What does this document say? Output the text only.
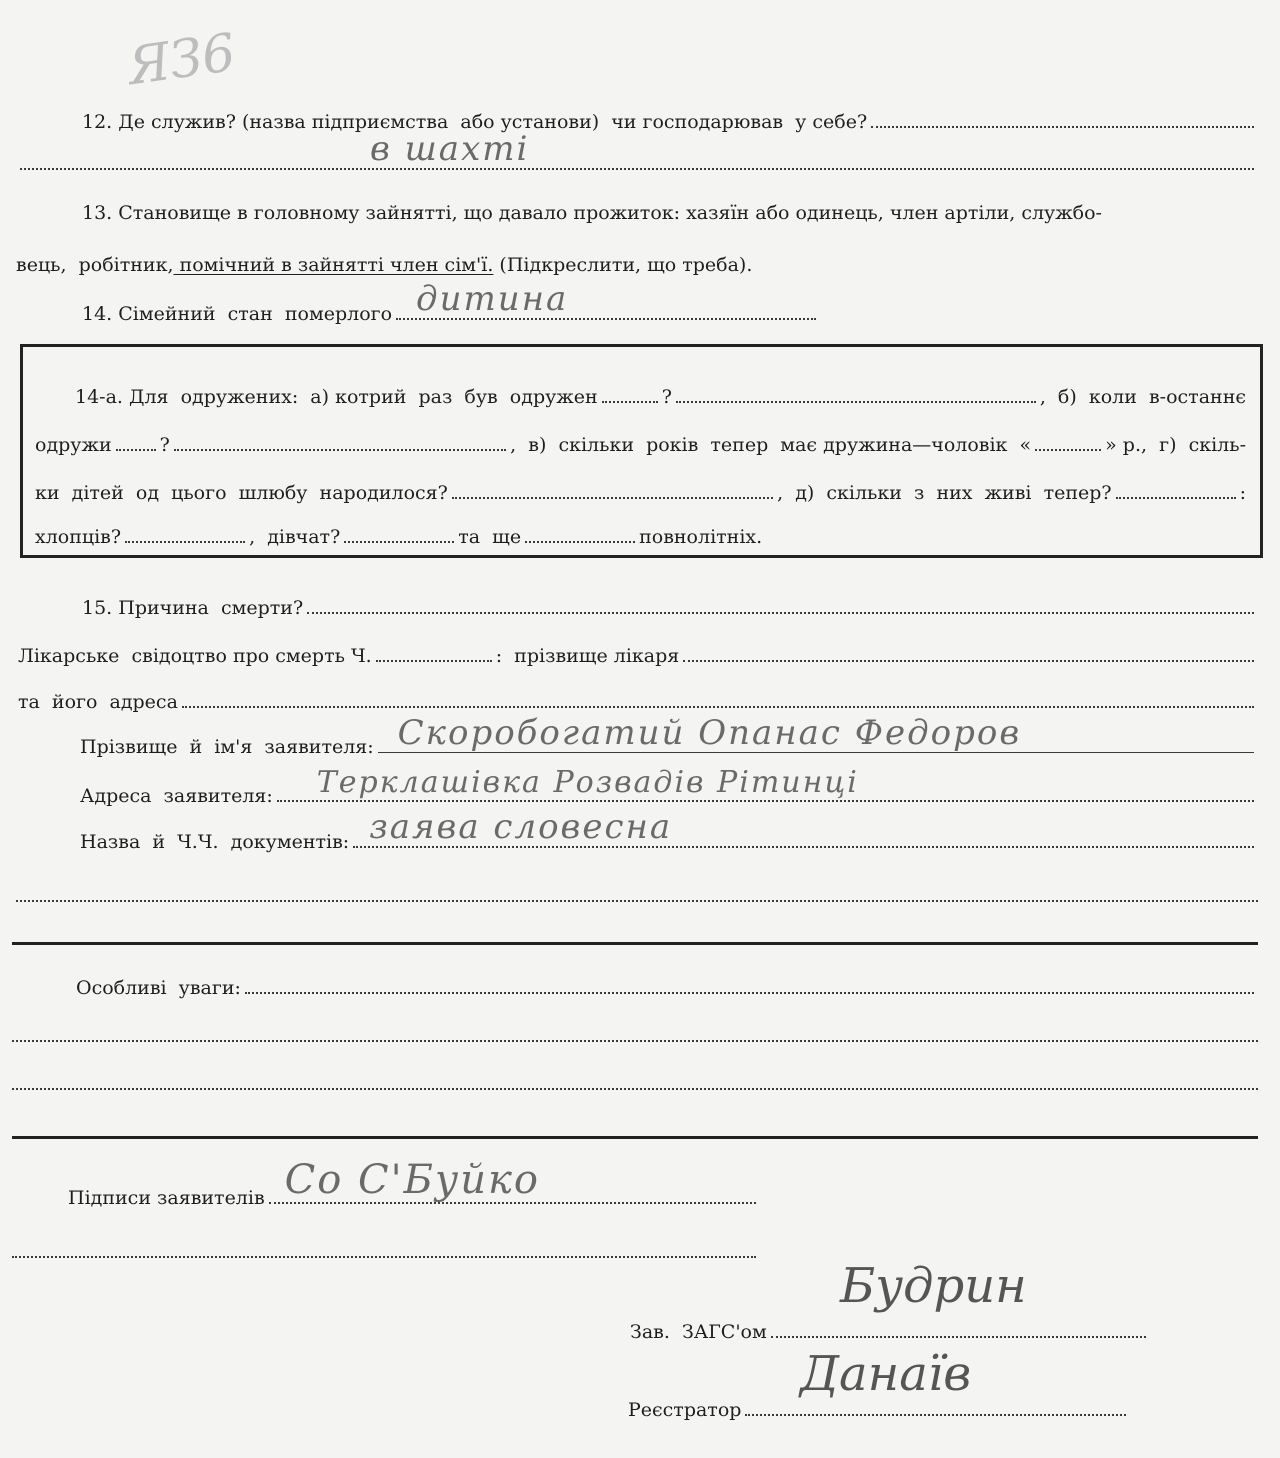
ЯЗ6
12. Де служив? (назва підприємства  або установи)  чи господарював  у себе?
в шахті
13. Становище в головному зайнятті, що давало прожиток: хазяїн або одинець, член артіли, службо-
вець,  робітник, помічний в зайнятті член сім'ї. (Підкреслити, що треба).
14. Сімейний  стан  померлого дитина
14-а. Для  одружених:  а) котрий  раз  був  одружен	?	,  б)  коли  в-останнє
одружи	?	,  в)  скільки  років  тепер  має дружина—чоловік  «	» р.,  г)  скіль-
ки  дітей  од  цього  шлюбу  народилося?	,  д)  скільки  з  них  живі  тепер?	:
хлопців?	,  дівчат?	та  ще	повнолітніх.
15. Причина  смерти?
Лікарське  свідоцтво про смерть Ч.	:  прізвище лікаря
та  його  адреса
Прізвище  й  ім'я  заявителя: Скоробогатий Опанас Федоров
Адреса  заявителя: Терклашівка Розвадів Рітинці
Назва  й  Ч.Ч.  документів: заява словесна
Особливі  уваги:
Підписи заявителів Со С'Буйко
Зав.  ЗАГС'ом
Будрин
Реєстратор
Данаїв
